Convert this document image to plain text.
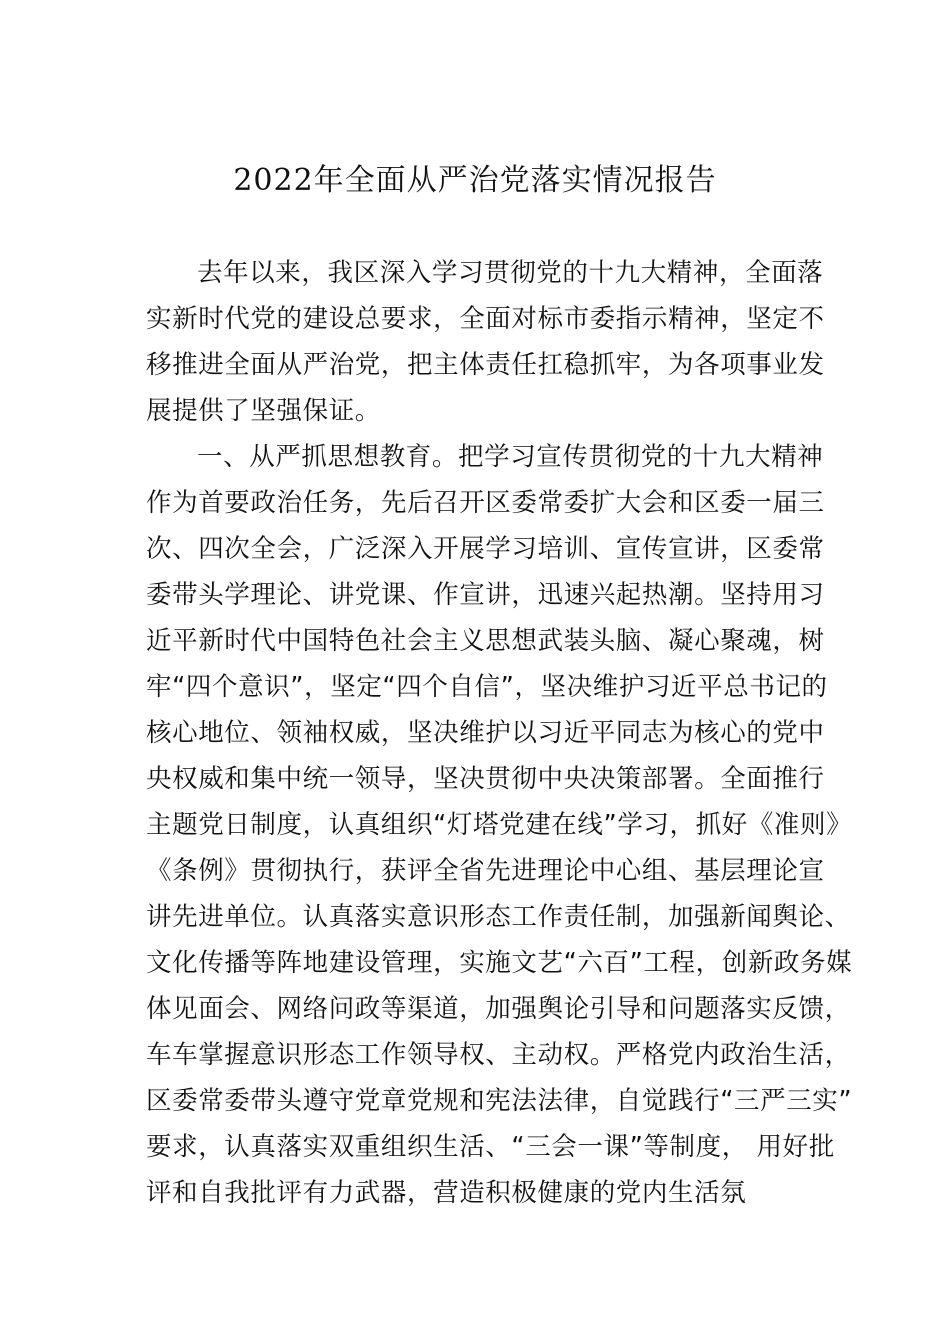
2022年全面从严治党落实情况报告
去年以来，我区深入学习贯彻党的十九大精神，全面落
实新时代党的建设总要求，全面对标市委指示精神，坚定不
移推进全面从严治党，把主体责任扛稳抓牢，为各项事业发
展提供了坚强保证。
一、从严抓思想教育。把学习宣传贯彻党的十九大精神
作为首要政治任务，先后召开区委常委扩大会和区委一届三
次、四次全会，广泛深入开展学习培训、宣传宣讲，区委常
委带头学理论、讲党课、作宣讲，迅速兴起热潮。坚持用习
近平新时代中国特色社会主义思想武装头脑、凝心聚魂，树
牢“四个意识”，坚定“四个自信”，坚决维护习近平总书记的
核心地位、领袖权威，坚决维护以习近平同志为核心的党中
央权威和集中统一领导，坚决贯彻中央决策部署。全面推行
主题党日制度，认真组织“灯塔党建在线”学习，抓好《准则》
《条例》贯彻执行，获评全省先进理论中心组、基层理论宣
讲先进单位。认真落实意识形态工作责任制，加强新闻舆论、
文化传播等阵地建设管理，实施文艺“六百”工程，创新政务媒
体见面会、网络问政等渠道，加强舆论引导和问题落实反馈，
车车掌握意识形态工作领导权、主动权。严格党内政治生活，
区委常委带头遵守党章党规和宪法法律，自觉践行“三严三实”
要求，认真落实双重组织生活、“三会一课”等制度， 用好批
评和自我批评有力武器，营造积极健康的党内生活氛
